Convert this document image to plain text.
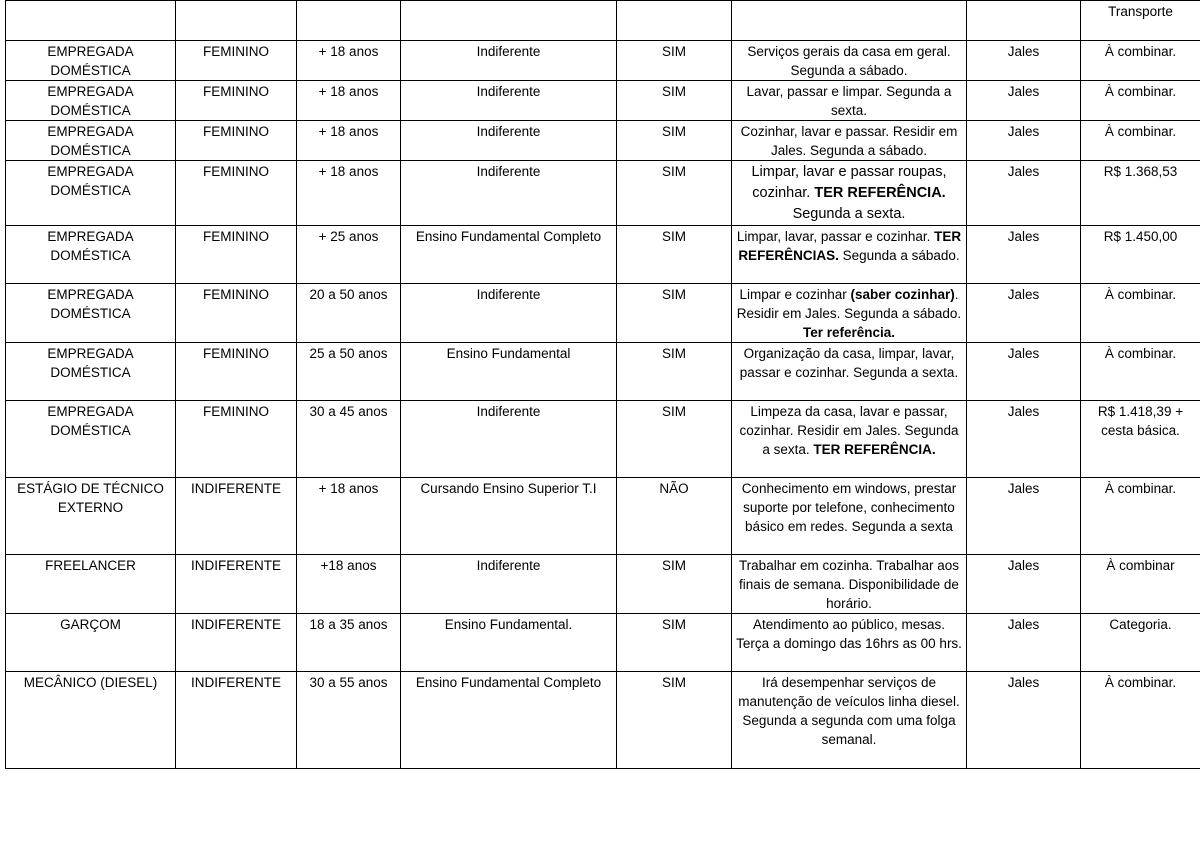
							Transporte
EMPREGADA DOMÉSTICA	FEMININO	+ 18 anos	Indiferente	SIM	Serviços gerais da casa em geral. Segunda a sábado.	Jales	À combinar.
EMPREGADA DOMÉSTICA	FEMININO	+ 18 anos	Indiferente	SIM	Lavar, passar e limpar. Segunda a sexta.	Jales	À combinar.
EMPREGADA DOMÉSTICA	FEMININO	+ 18 anos	Indiferente	SIM	Cozinhar, lavar e passar. Residir em Jales. Segunda a sábado.	Jales	À combinar.
EMPREGADA DOMÉSTICA	FEMININO	+ 18 anos	Indiferente	SIM	Limpar, lavar e passar roupas, cozinhar. TER REFERÊNCIA. Segunda a sexta.	Jales	R$ 1.368,53
EMPREGADA DOMÉSTICA	FEMININO	+ 25 anos	Ensino Fundamental Completo	SIM	Limpar, lavar, passar e cozinhar. TER REFERÊNCIAS. Segunda a sábado.	Jales	R$ 1.450,00
EMPREGADA DOMÉSTICA	FEMININO	20 a 50 anos	Indiferente	SIM	Limpar e cozinhar (saber cozinhar). Residir em Jales. Segunda a sábado. Ter referência.	Jales	À combinar.
EMPREGADA DOMÉSTICA	FEMININO	25 a 50 anos	Ensino Fundamental	SIM	Organização da casa, limpar, lavar, passar e cozinhar. Segunda a sexta.	Jales	À combinar.
EMPREGADA DOMÉSTICA	FEMININO	30 a 45 anos	Indiferente	SIM	Limpeza da casa, lavar e passar, cozinhar. Residir em Jales. Segunda a sexta. TER REFERÊNCIA.	Jales	R$ 1.418,39 + cesta básica.
ESTÁGIO DE TÉCNICO EXTERNO	INDIFERENTE	+ 18 anos	Cursando Ensino Superior T.I	NÃO	Conhecimento em windows, prestar suporte por telefone, conhecimento básico em redes. Segunda a sexta	Jales	À combinar.
FREELANCER	INDIFERENTE	+18 anos	Indiferente	SIM	Trabalhar em cozinha. Trabalhar aos finais de semana. Disponibilidade de horário.	Jales	À combinar
GARÇOM	INDIFERENTE	18 a 35 anos	Ensino Fundamental.	SIM	Atendimento ao público, mesas. Terça a domingo das 16hrs as 00 hrs.	Jales	Categoria.
MECÂNICO (DIESEL)	INDIFERENTE	30 a 55 anos	Ensino Fundamental Completo	SIM	Irá desempenhar serviços de manutenção de veículos linha diesel. Segunda a segunda com uma folga semanal.	Jales	À combinar.
